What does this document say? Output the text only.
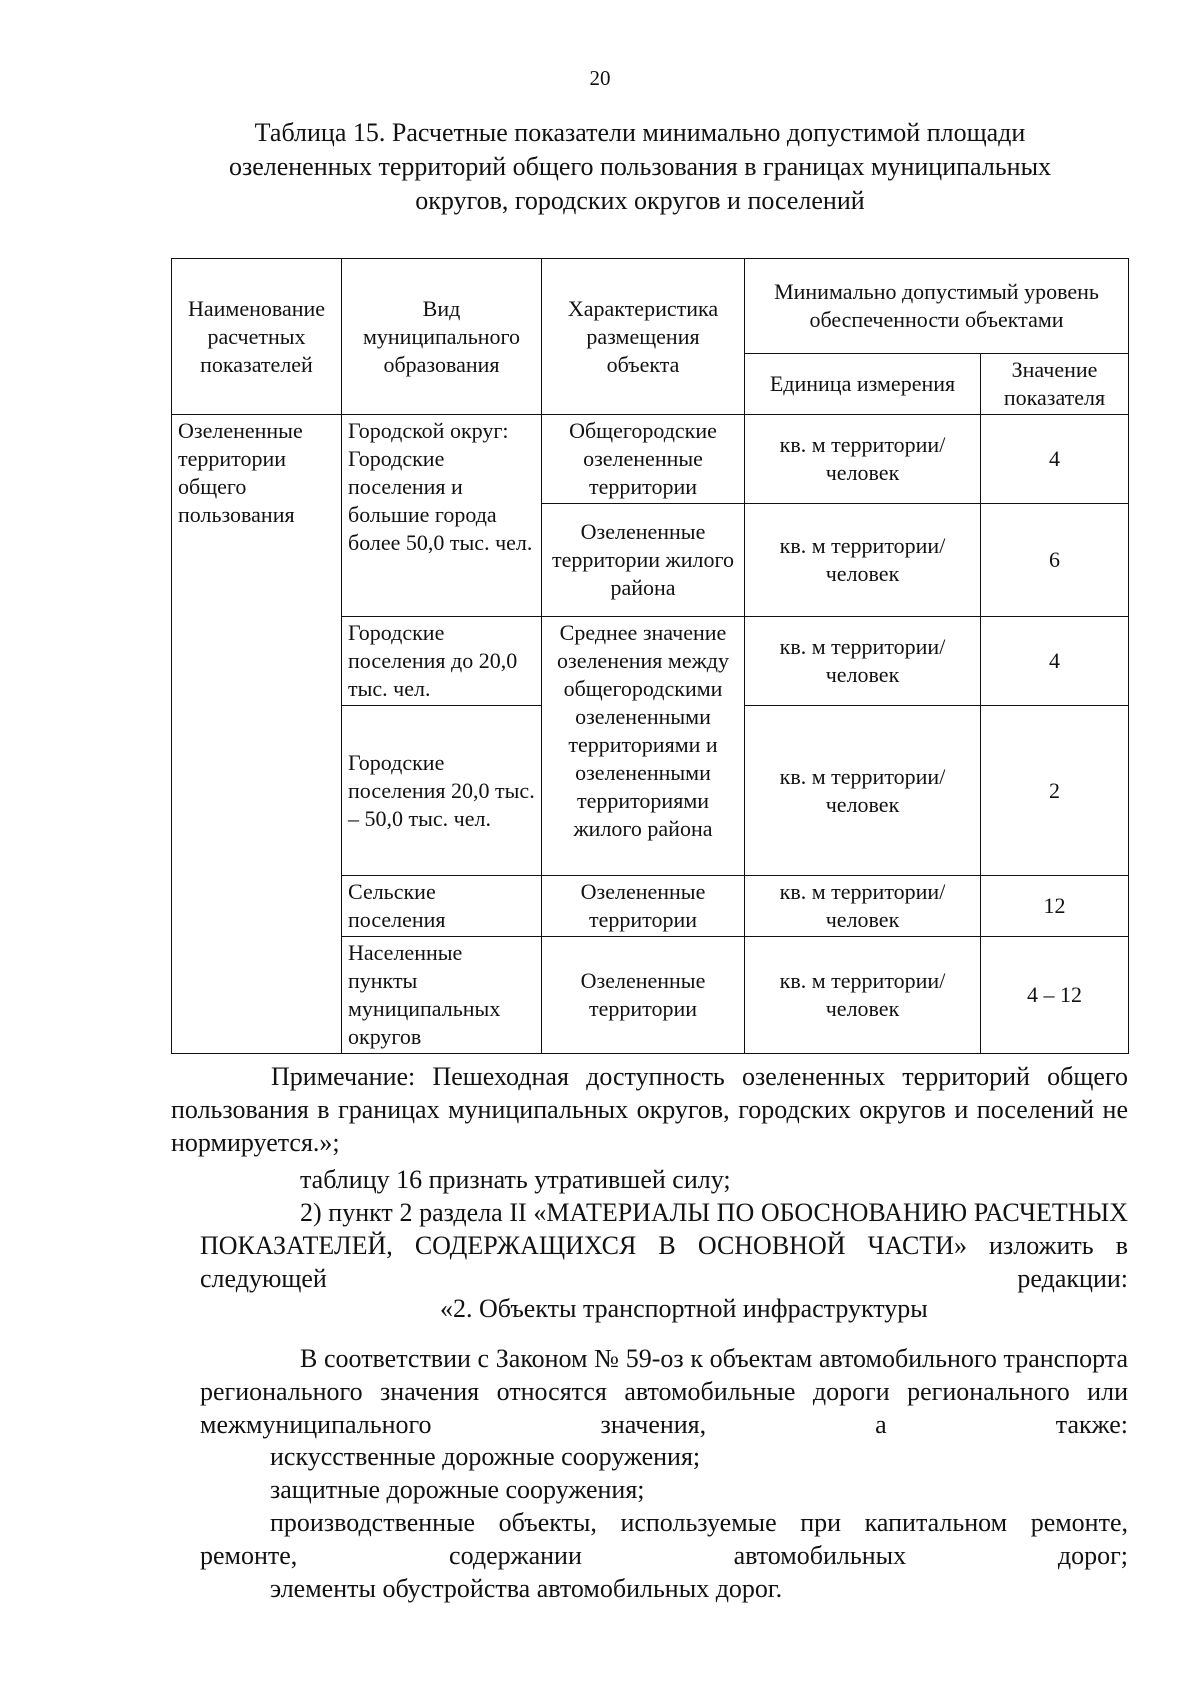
20
Таблица 15. Расчетные показатели минимально допустимой площади
озелененных территорий общего пользования в границах муниципальных
округов, городских округов и поселений
Наименование расчетных показателей	Вид муниципального образования	Характеристика размещения объекта	Минимально допустимый уровень обеспеченности объектами	
			Единица измерения	Значение показателя
Озелененные территории общего пользования	Городской округ: Городские поселения и большие города более 50,0 тыс. чел.	Общегородские озелененные территории	кв. м территории/человек	4
		Озелененные территории жилого района	кв. м территории/человек	6
	Городские поселения до 20,0 тыс. чел.	Среднее значение озеленения между общегородскими озелененными территориями и озелененными территориями жилого района	кв. м территории/человек	4
	Городские поселения 20,0 тыс. – 50,0 тыс. чел.		кв. м территории/человек	2
	Сельские поселения	Озелененные территории	кв. м территории/человек	12
	Населенные пункты муниципальных округов	Озелененные территории	кв. м территории/человек	4 – 12
Примечание: Пешеходная доступность озелененных территорий общего пользования в границах муниципальных округов, городских округов и поселений не нормируется.»;
таблицу 16 признать утратившей силу;
2) пункт 2 раздела II «МАТЕРИАЛЫ ПО ОБОСНОВАНИЮ РАСЧЕТНЫХ ПОКАЗАТЕЛЕЙ, СОДЕРЖАЩИХСЯ В ОСНОВНОЙ ЧАСТИ» изложить в следующей редакции:
«2. Объекты транспортной инфраструктуры
В соответствии с Законом № 59-оз к объектам автомобильного транспорта регионального значения относятся автомобильные дороги регионального или межмуниципального значения, а также:
искусственные дорожные сооружения;
защитные дорожные сооружения;
производственные объекты, используемые при капитальном ремонте, ремонте, содержании автомобильных дорог;
элементы обустройства автомобильных дорог.
